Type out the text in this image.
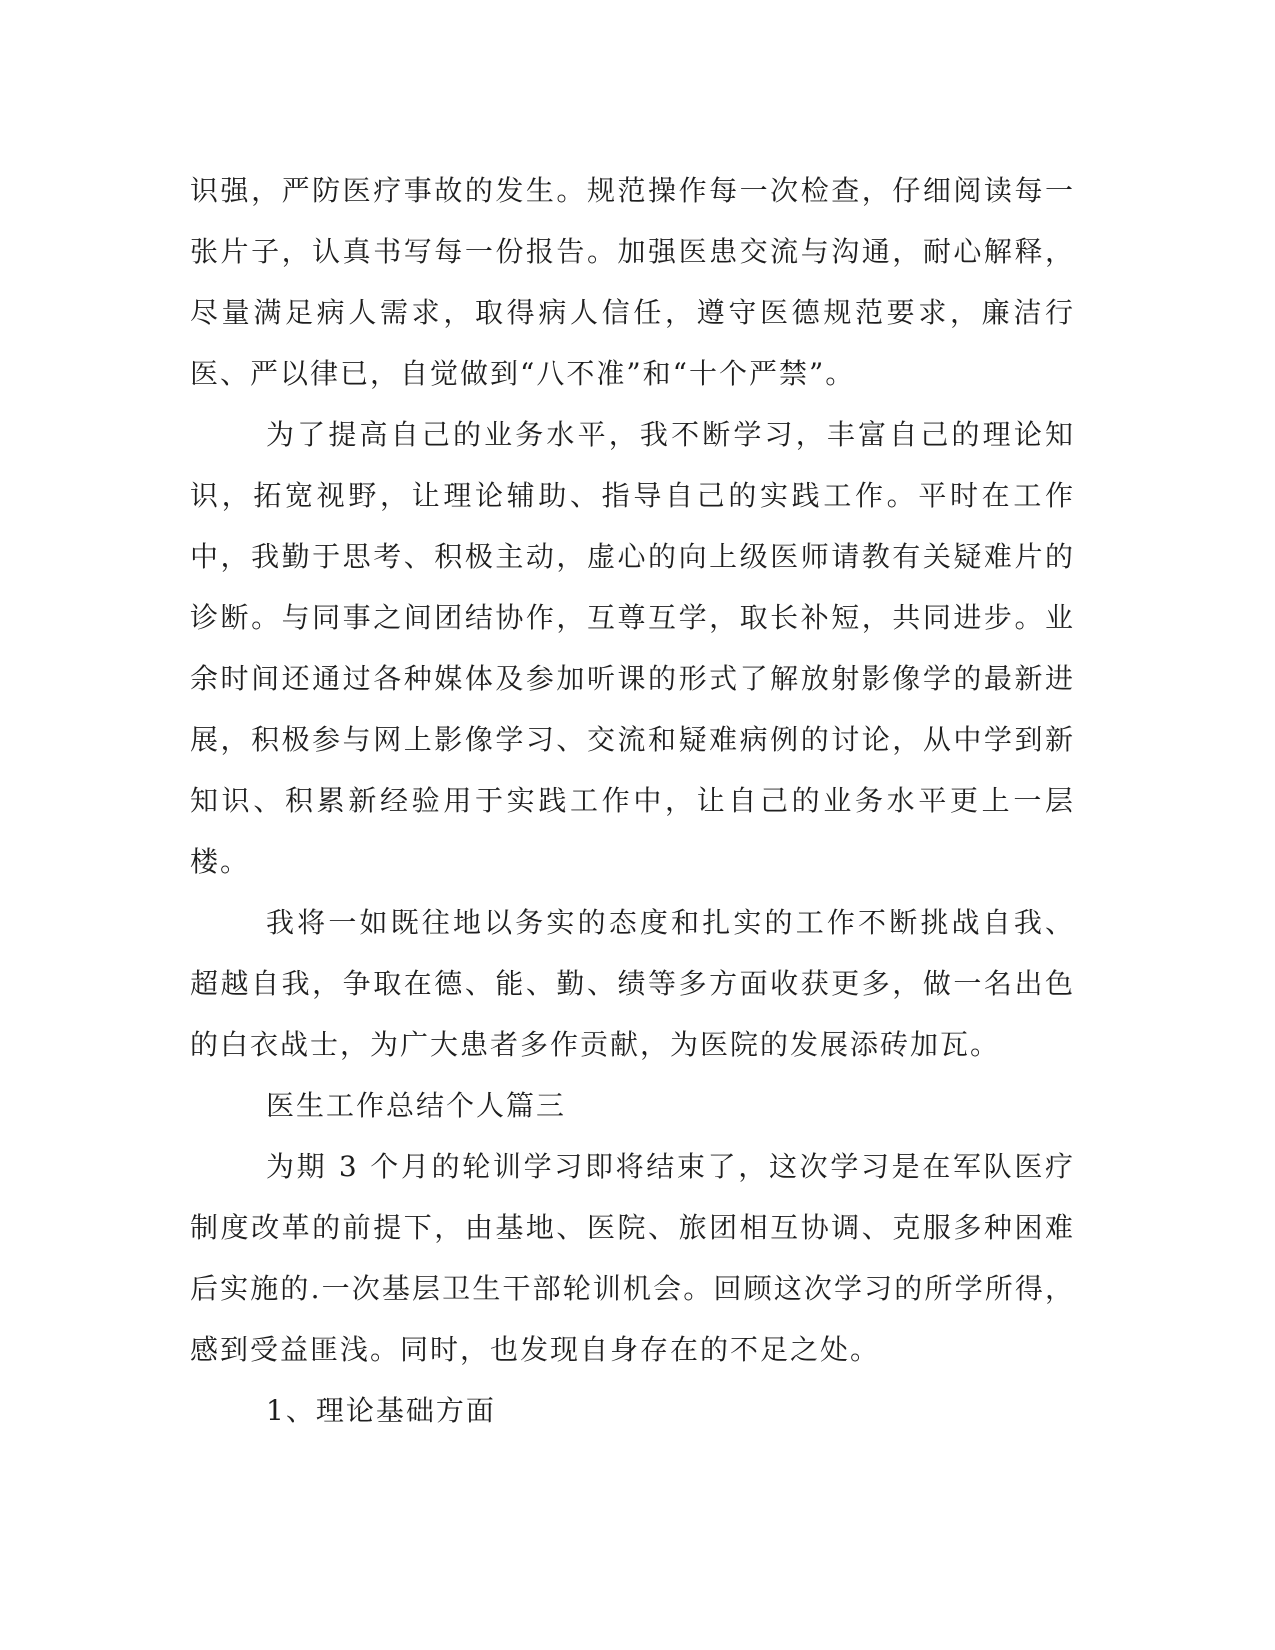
识强，严防医疗事故的发生。规范操作每一次检查，仔细阅读每一张片子，认真书写每一份报告。加强医患交流与沟通，耐心解释，尽量满足病人需求，取得病人信任，遵守医德规范要求，廉洁行医、严以律已，自觉做到“八不准”和“十个严禁”。

为了提高自己的业务水平，我不断学习，丰富自己的理论知识，拓宽视野，让理论辅助、指导自己的实践工作。平时在工作中，我勤于思考、积极主动，虚心的向上级医师请教有关疑难片的诊断。与同事之间团结协作，互尊互学，取长补短，共同进步。业余时间还通过各种媒体及参加听课的形式了解放射影像学的最新进展，积极参与网上影像学习、交流和疑难病例的讨论，从中学到新知识、积累新经验用于实践工作中，让自己的业务水平更上一层楼。

我将一如既往地以务实的态度和扎实的工作不断挑战自我、超越自我，争取在德、能、勤、绩等多方面收获更多，做一名出色的白衣战士，为广大患者多作贡献，为医院的发展添砖加瓦。

医生工作总结个人篇三

为期 3 个月的轮训学习即将结束了，这次学习是在军队医疗制度改革的前提下，由基地、医院、旅团相互协调、克服多种困难后实施的.一次基层卫生干部轮训机会。回顾这次学习的所学所得，感到受益匪浅。同时，也发现自身存在的不足之处。

1、理论基础方面
